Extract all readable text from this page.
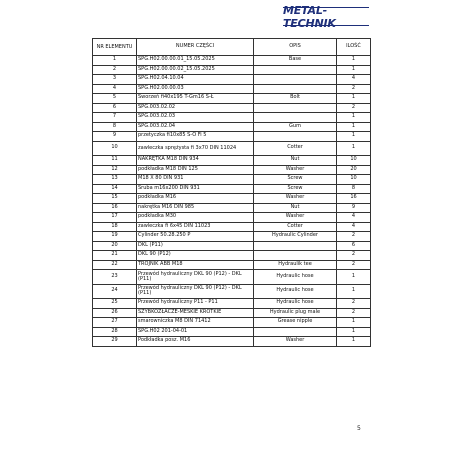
METAL-TECHNIK
NR ELEMENTU	NUMER CZĘŚCI	OPIS	ILOŚĆ
1	SPG.H02.00.00.01_15.05.2025	Base	1
2	SPG.H02.00.00.02_15.05.2025		1
3	SPG.H02.04.10.04		4
4	SPG.H02.00.00.03		2
5	Sworzeń fi40x195 T-Gm16 S-Ł	Bolt	1
6	SPG.003.02.02		2
7	SPG.003.02.03		1
8	SPG.003.02.04	Gum	1
9	przetyczka fi10x85 S-O Fi 5		1
10	zawleczka sprężysta fi 3x70 DIN 11024	Cotter	1
11	NAKRĘTKA M18 DIN 934	Nut	10
12	podkładka M18 DIN 125	Washer	20
13	M18 X 80 DIN 931	Screw	10
14	Śruba m16x200 DIN 931	Screw	8
15	podkładka M16	Washer	16
16	nakrętka M16 DIN 985	Nut	9
17	podkładka M30	Washer	4
18	zawleczka fi 6x45 DIN 11023	Cotter	4
19	Cylinder 50.28.250 P	Hydraulic Cylinder	2
20	DKL (P11)		6
21	DKL 90 (P12)		2
22	TRÓJNIK ABB M18	Hydraulik tee	2
23	Przewód hydrauliczny DKL 90 (P12) - DKL (P11)	Hydraulic hose	1
24	Przewód hydrauliczny DKL 90 (P12) - DKL (P11)	Hydraulic hose	1
25	Przewód hydrauliczny P11 - P11	Hydraulic hose	2
26	SZYBKOZŁACZE-MESKIE KROTKIE	Hydraulic plug male	2
27	smarowniczka M8 DIN 71412	Grease nipple	1
28	SPG.H02 201-04-01		1
29	Podkładka posz. M16	Washer	1
5
